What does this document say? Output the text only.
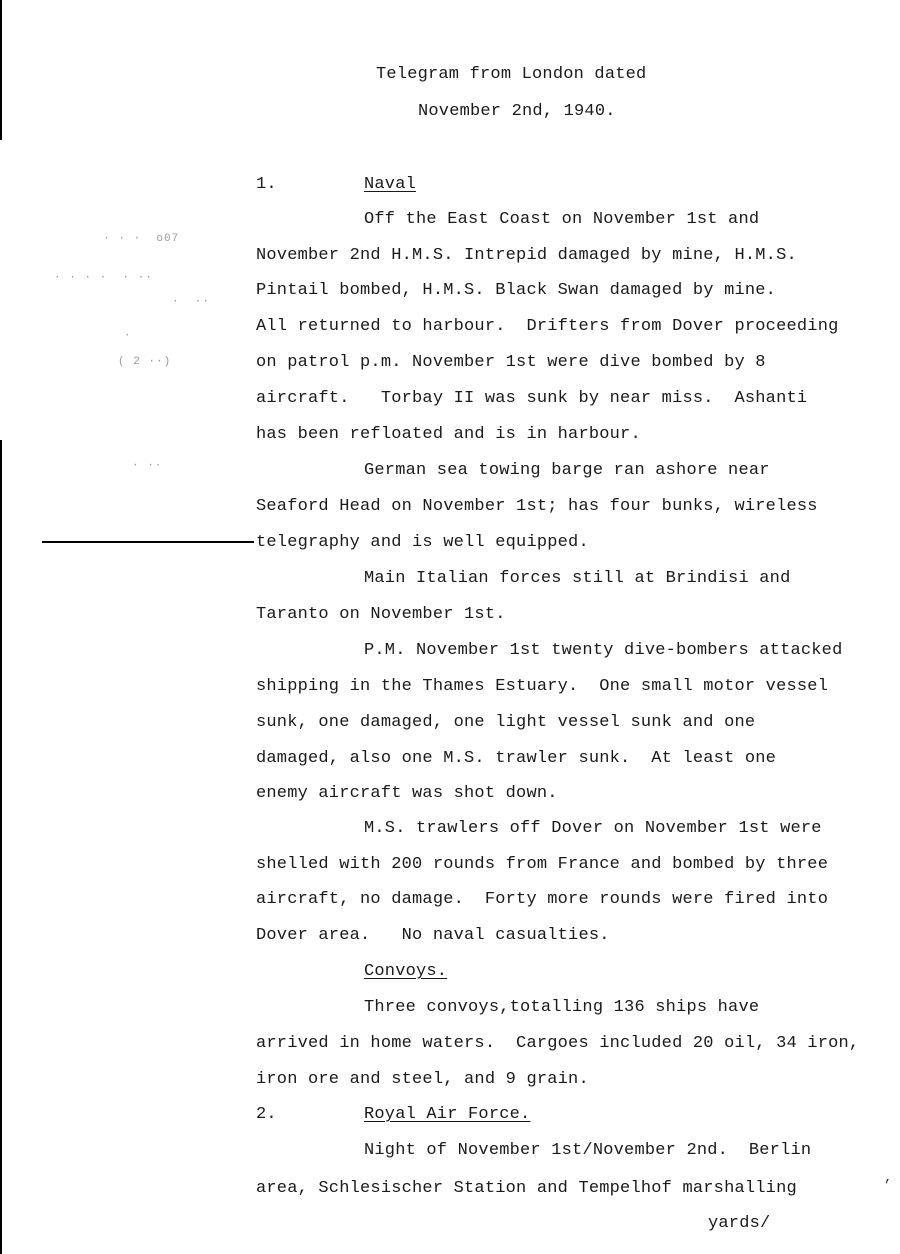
Telegram from London dated
November 2nd, 1940.
· · ·  ᴏ07
· · · ·  · ··
·  ··
·
( 2 ··)
· ··
1.	Naval
Off the East Coast on November 1st and
November 2nd H.M.S. Intrepid damaged by mine, H.M.S.
Pintail bombed, H.M.S. Black Swan damaged by mine.
All returned to harbour.  Drifters from Dover proceeding
on patrol p.m. November 1st were dive bombed by 8
aircraft.   Torbay II was sunk by near miss.  Ashanti
has been refloated and is in harbour.
German sea towing barge ran ashore near
Seaford Head on November 1st; has four bunks, wireless
telegraphy and is well equipped.
Main Italian forces still at Brindisi and
Taranto on November 1st.
P.M. November 1st twenty dive-bombers attacked
shipping in the Thames Estuary.  One small motor vessel
sunk, one damaged, one light vessel sunk and one
damaged, also one M.S. trawler sunk.  At least one
enemy aircraft was shot down.
M.S. trawlers off Dover on November 1st were
shelled with 200 rounds from France and bombed by three
aircraft, no damage.  Forty more rounds were fired into
Dover area.   No naval casualties.
Convoys.
Three convoys,totalling 136 ships have
arrived in home waters.  Cargoes included 20 oil, 34 iron,
iron ore and steel, and 9 grain.
2.	Royal Air Force.
Night of November 1st/November 2nd.  Berlin
area, Schlesischer Station and Tempelhof marshalling
,
yards/
